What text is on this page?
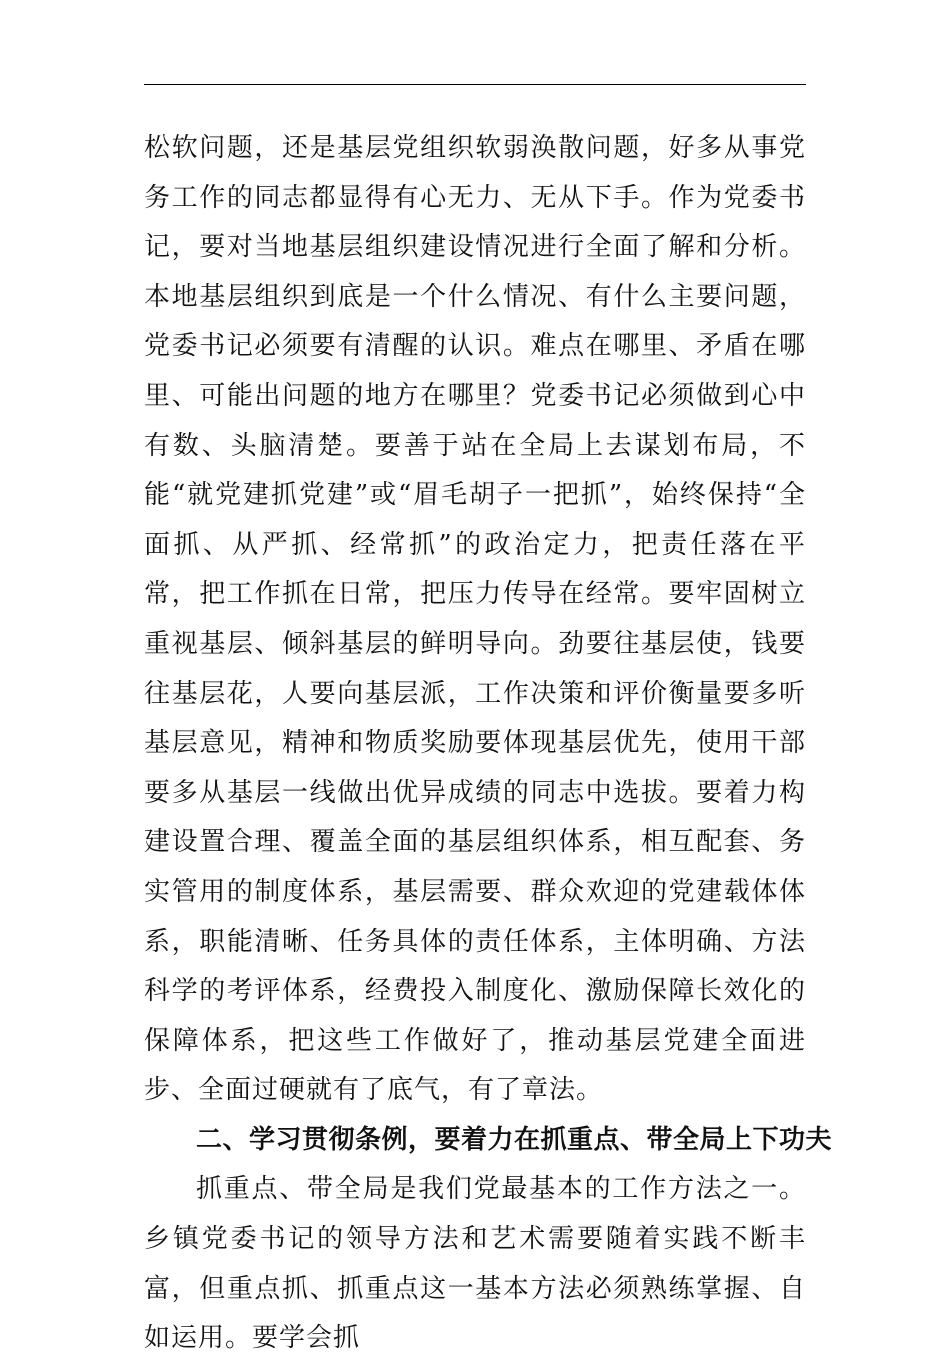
松软问题，还是基层党组织软弱涣散问题，好多从事党务工作的同志都显得有心无力、无从下手。作为党委书记，要对当地基层组织建设情况进行全面了解和分析。本地基层组织到底是一个什么情况、有什么主要问题，党委书记必须要有清醒的认识。难点在哪里、矛盾在哪里、可能出问题的地方在哪里？党委书记必须做到心中有数、头脑清楚。要善于站在全局上去谋划布局，不能“就党建抓党建”或“眉毛胡子一把抓”，始终保持“全面抓、从严抓、经常抓”的政治定力，把责任落在平常，把工作抓在日常，把压力传导在经常。要牢固树立重视基层、倾斜基层的鲜明导向。劲要往基层使，钱要往基层花，人要向基层派，工作决策和评价衡量要多听基层意见，精神和物质奖励要体现基层优先，使用干部要多从基层一线做出优异成绩的同志中选拔。要着力构建设置合理、覆盖全面的基层组织体系，相互配套、务实管用的制度体系，基层需要、群众欢迎的党建载体体系，职能清晰、任务具体的责任体系，主体明确、方法科学的考评体系，经费投入制度化、激励保障长效化的保障体系，把这些工作做好了，推动基层党建全面进步、全面过硬就有了底气，有了章法。

二、学习贯彻条例，要着力在抓重点、带全局上下功夫

抓重点、带全局是我们党最基本的工作方法之一。乡镇党委书记的领导方法和艺术需要随着实践不断丰富，但重点抓、抓重点这一基本方法必须熟练掌握、自如运用。要学会抓
